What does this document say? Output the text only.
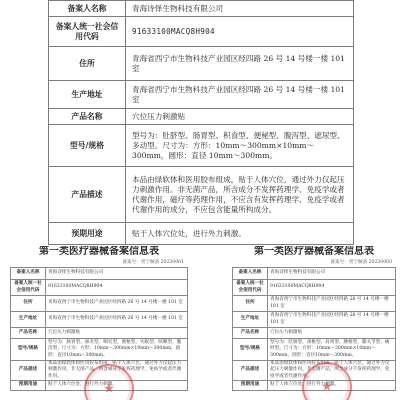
备案人名称	青海诗怿生物科技有限公司
备案人统一社会信用代码	91633100MACQ8H904
住所	青海省西宁市生物科技产业园区经四路 26 号 14 号楼一楼 101 室
生产地址	青海省西宁市生物科技产业园区经四路 26 号 14 号楼一楼 101 室
产品名称	穴位压力刺激贴
型号/规格	型号为：肚脐型、肠胃型、积食型、便秘型、腹泻型、遮尿型、多动型。尺寸为：方形：10mm～300mm×10mm～300mm，圆形：直径 10mm～300mm。
产品描述	本品由绿软体和医用胶布组成，贴于人体穴位，通过外力仅起压力刺激作用。非无菌产品，所含成分不发挥药理学、免疫学或者代谢作用，磁疗等药理作用，不应含有发挥药理学、免疫学或者代谢作用的成分，不应包含能量所构成分。
预期用途	贴于人体穴位处，进行外力刺激。
第一类医疗器械备案信息表
备案号：青宁械备 20230061
备案人名称	青海诗怿生物科技有限公司
备案人统一社会信用代码	91633100MACQ8H904
住所	青海省西宁市生物科技产业园区经四路 26 号 14 号楼一楼 101 室
生产地址	青海省西宁市生物科技产业园区经四路 26 号 14 号楼一楼 101 室
产品名称	穴位压力刺激贴
型号/规格	型号为：肠胃型、鼻炎型、咽炎型、便秘型、失眠型、咳嗽型、腹泻型。尺寸为：方形：10mm～300mm×10mm～300mm，圆形：直径10mm～300mm。
产品描述	本品由绿软体和医用胶布组成，贴于人体穴位，通过外力仅起压力刺激作用。非无菌产品，所含成分不发挥药理学、免疫学或者代谢作用。
预期用途	贴于人体穴位处，进行外力刺激。
★
第一类医疗器械备案信息表
备案号：青宁械备 20230060
备案人名称	青海诗怿生物科技有限公司
备案人统一社会信用代码	91633100MACQ8H904
住所	青海省西宁市生物科技产业园区经四路 26 号 14 号楼一楼 101 室
生产地址	青海省西宁市生物科技产业园区经四路 26 号 14 号楼一楼 101 室
产品名称	穴位压力刺激贴
型号/规格	型号为：肚脐型、颈椎型、肩周型、腰椎型、膝关节型、痛经型。尺寸为：方形：10mm～300mm×10mm～300mm，圆形：直径10mm～300mm。
产品描述	本品由绿软体和医用胶布组成，贴于人体穴位，通过外力仅起压力刺激作用。非无菌产品，所含成分不发挥药理学、免疫学或者代谢作用。
预期用途	贴于人体穴位处，进行外力刺激。
★
